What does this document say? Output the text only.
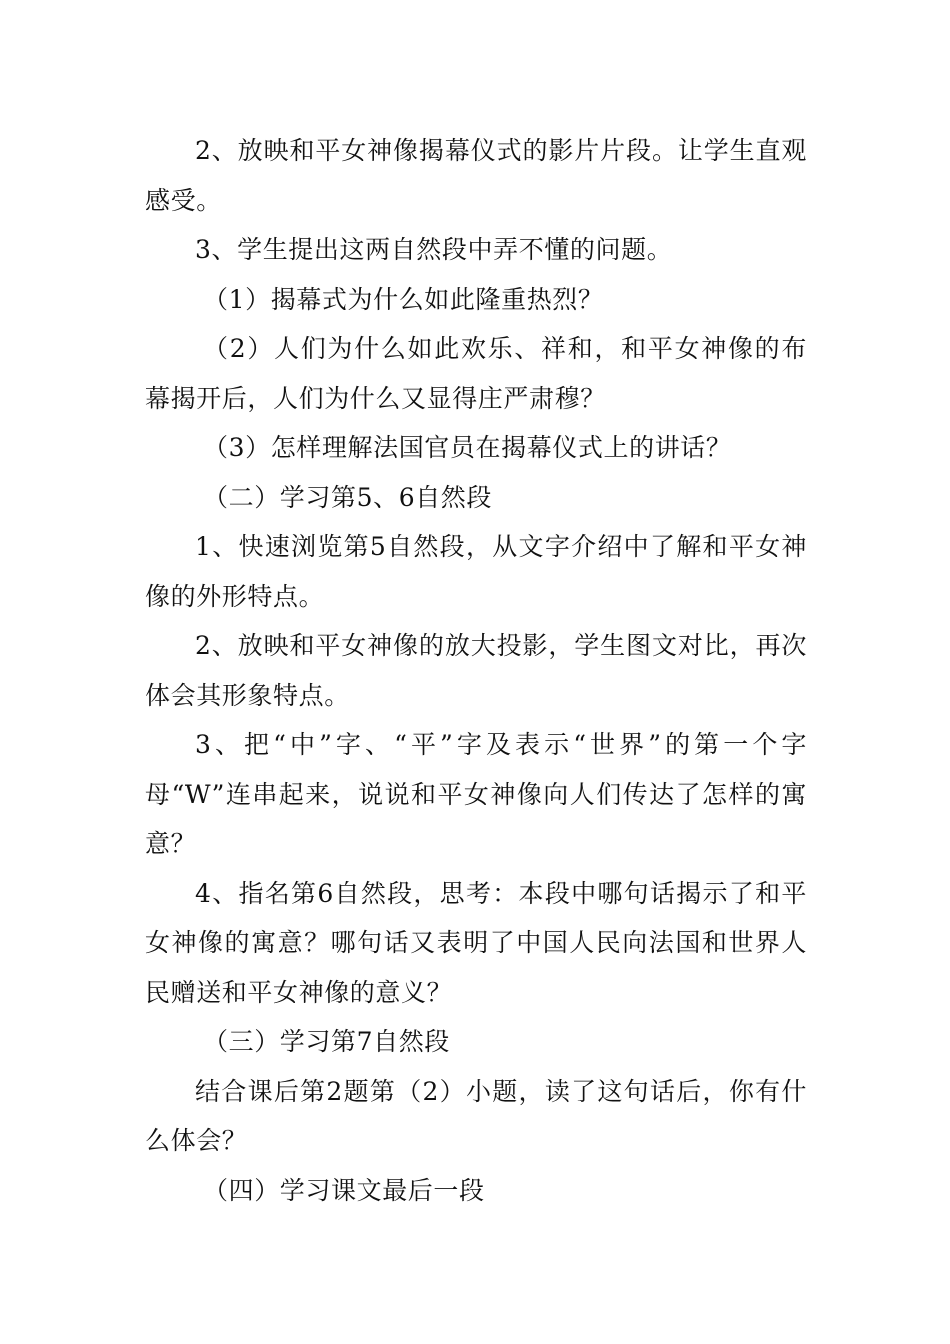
2、放映和平女神像揭幕仪式的影片片段。让学生直观感受。

3、学生提出这两自然段中弄不懂的问题。

（1）揭幕式为什么如此隆重热烈？

（2）人们为什么如此欢乐、祥和，和平女神像的布幕揭开后，人们为什么又显得庄严肃穆？

（3）怎样理解法国官员在揭幕仪式上的讲话？

（二）学习第5、6自然段

1、快速浏览第5自然段，从文字介绍中了解和平女神像的外形特点。

2、放映和平女神像的放大投影，学生图文对比，再次体会其形象特点。

3、把“中”字、“平”字及表示“世界”的第一个字母“W”连串起来，说说和平女神像向人们传达了怎样的寓意？

4、指名第6自然段，思考：本段中哪句话揭示了和平女神像的寓意？哪句话又表明了中国人民向法国和世界人民赠送和平女神像的意义？

（三）学习第7自然段

结合课后第2题第（2）小题，读了这句话后，你有什么体会？

（四）学习课文最后一段
